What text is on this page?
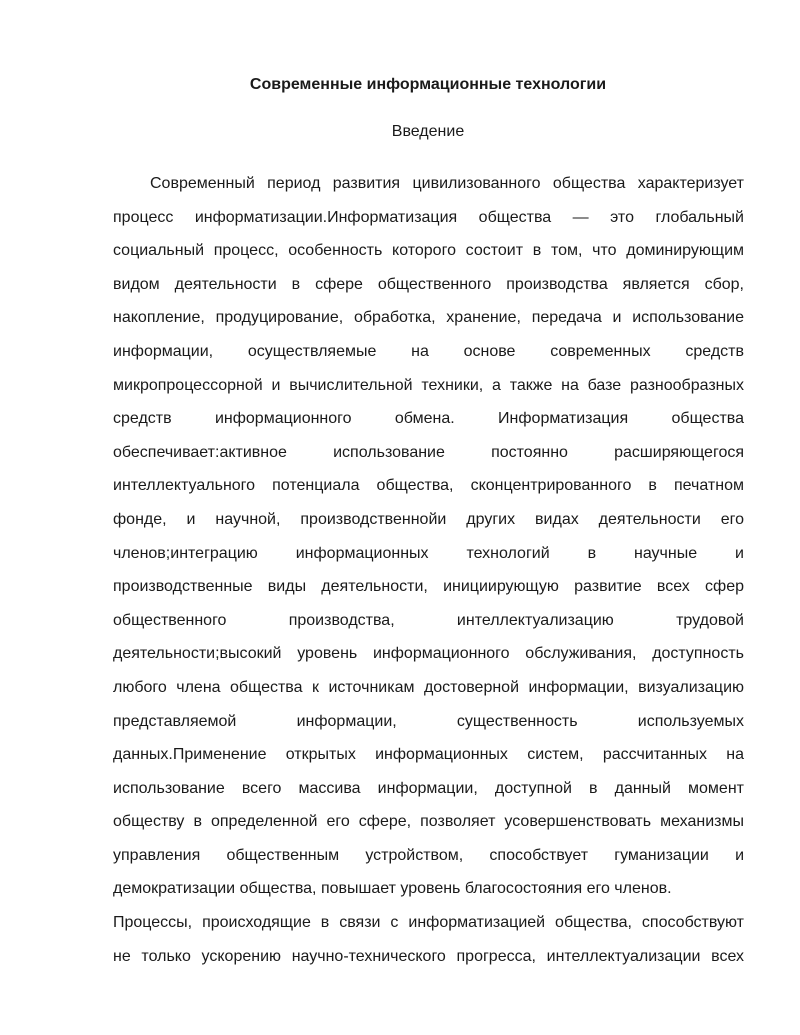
Современные информационные технологии
Введение
Современный период развития цивилизованного общества характеризует
процесс информатизации.Информатизация общества — это глобальный
социальный процесс, особенность которого состоит в том, что доминирующим
видом деятельности в сфере общественного производства является сбор,
накопление, продуцирование, обработка, хранение, передача и использование
информации, осуществляемые на основе современных средств
микропроцессорной и вычислительной техники, а также на базе разнообразных
средств информационного обмена. Информатизация общества
обеспечивает:активное использование постоянно расширяющегося
интеллектуального потенциала общества, сконцентрированного в печатном
фонде, и научной, производственнойи других видах деятельности его
членов;интеграцию информационных технологий в научные и
производственные виды деятельности, инициирующую развитие всех сфер
общественного производства, интеллектуализацию трудовой
деятельности;высокий уровень информационного обслуживания, доступность
любого члена общества к источникам достоверной информации, визуализацию
представляемой информации, существенность используемых
данных.Применение открытых информационных систем, рассчитанных на
использование всего массива информации, доступной в данный момент
обществу в определенной его сфере, позволяет усовершенствовать механизмы
управления общественным устройством, способствует гуманизации и
демократизации общества, повышает уровень благосостояния его членов.
Процессы, происходящие в связи с информатизацией общества, способствуют
не только ускорению научно-технического прогресса, интеллектуализации всех
